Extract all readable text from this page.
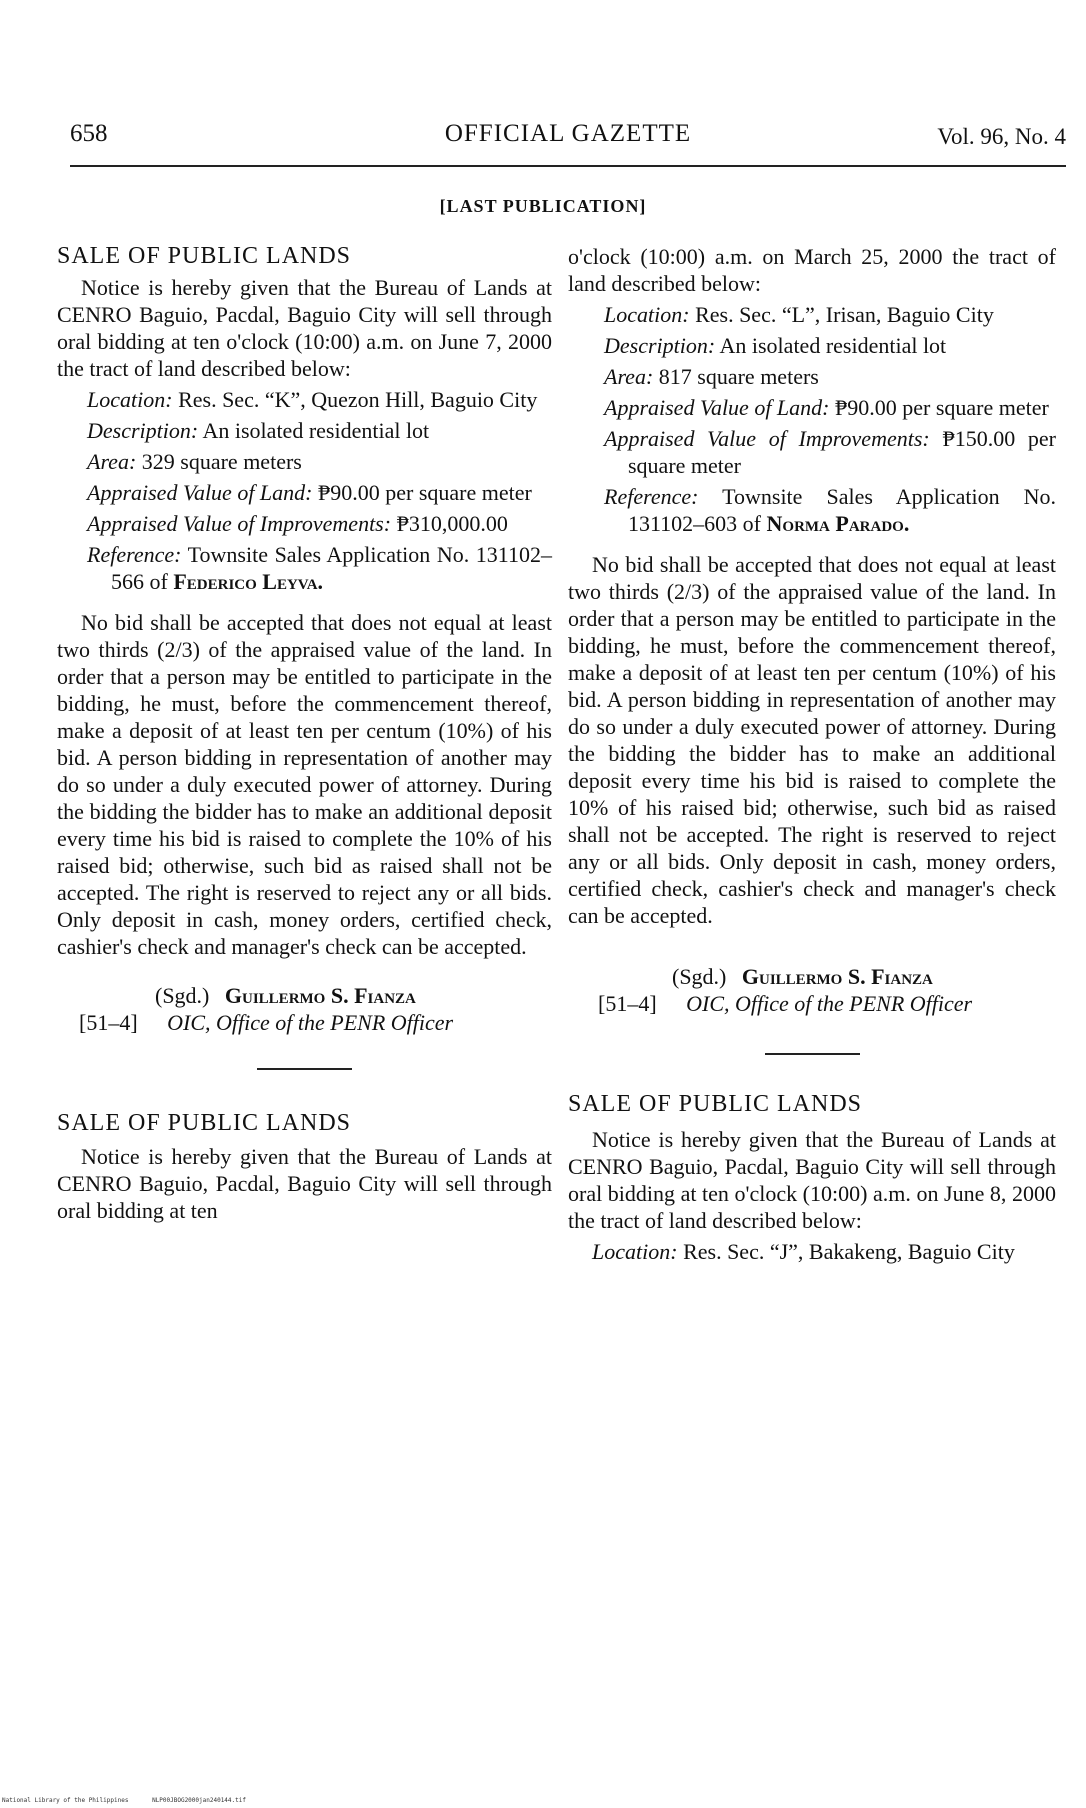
658	OFFICIAL GAZETTE	Vol. 96, No. 4
[LAST PUBLICATION]

SALE OF PUBLIC LANDS

Notice is hereby given that the Bureau of Lands at CENRO Baguio, Pacdal, Baguio City will sell through oral bidding at ten o'clock (10:00) a.m. on June 7, 2000 the tract of land described below:

Location: Res. Sec. “K”, Quezon Hill, Baguio City

Description: An isolated residential lot

Area: 329 square meters

Appraised Value of Land: ₱90.00 per square meter

Appraised Value of Improvements: ₱310,000.00

Reference: Townsite Sales Application No. 131102–566 of Federico Leyva.

No bid shall be accepted that does not equal at least two thirds (2/3) of the appraised value of the land. In order that a person may be entitled to participate in the bidding, he must, before the commencement thereof, make a deposit of at least ten per centum (10%) of his bid. A person bidding in representation of another may do so under a duly executed power of attorney. During the bidding the bidder has to make an additional deposit every time his bid is raised to complete the 10% of his raised bid; otherwise, such bid as raised shall not be accepted. The right is reserved to reject any or all bids. Only deposit in cash, money orders, certified check, cashier's check and manager's check can be accepted.

(Sgd.) Guillermo S. Fianza

[51–4] OIC, Office of the PENR Officer

SALE OF PUBLIC LANDS

Notice is hereby given that the Bureau of Lands at CENRO Baguio, Pacdal, Baguio City will sell through oral bidding at ten

o'clock (10:00) a.m. on March 25, 2000 the tract of land described below:

Location: Res. Sec. “L”, Irisan, Baguio City

Description: An isolated residential lot

Area: 817 square meters

Appraised Value of Land: ₱90.00 per square meter

Appraised Value of Improvements: ₱150.00 per square meter

Reference: Townsite Sales Application No. 131102–603 of Norma Parado.

No bid shall be accepted that does not equal at least two thirds (2/3) of the appraised value of the land. In order that a person may be entitled to participate in the bidding, he must, before the commencement thereof, make a deposit of at least ten per centum (10%) of his bid. A person bidding in representation of another may do so under a duly executed power of attorney. During the bidding the bidder has to make an additional deposit every time his bid is raised to complete the 10% of his raised bid; otherwise, such bid as raised shall not be accepted. The right is reserved to reject any or all bids. Only deposit in cash, money orders, certified check, cashier's check and manager's check can be accepted.

(Sgd.) Guillermo S. Fianza

[51–4] OIC, Office of the PENR Officer

SALE OF PUBLIC LANDS

Notice is hereby given that the Bureau of Lands at CENRO Baguio, Pacdal, Baguio City will sell through oral bidding at ten o'clock (10:00) a.m. on June 8, 2000 the tract of land described below:

Location: Res. Sec. “J”, Bakakeng, Baguio City

National Library of the Philippines	NLP00JBOG2000jan240144.tif
